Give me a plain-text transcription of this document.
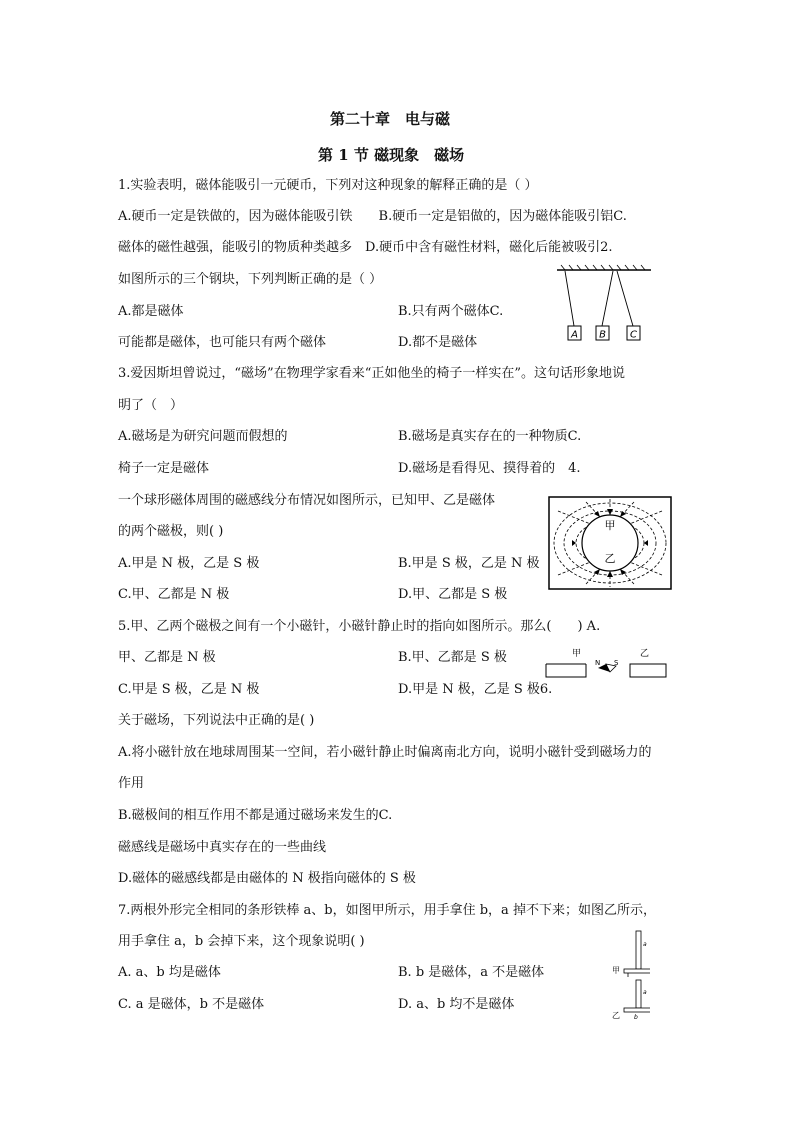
第二十章　电与磁
第 1 节 磁现象　磁场
1.实验表明，磁体能吸引一元硬币，下列对这种现象的解释正确的是（ ）
A.硬币一定是铁做的，因为磁体能吸引铁　　B.硬币一定是铝做的，因为磁体能吸引铝C.
磁体的磁性越强，能吸引的物质种类越多　D.硬币中含有磁性材料，磁化后能被吸引2.
如图所示的三个钢块，下列判断正确的是（ ）
A.都是磁体	B.只有两个磁体C.
可能都是磁体，也可能只有两个磁体	D.都不是磁体
3.爱因斯坦曾说过，“磁场”在物理学家看来“正如他坐的椅子一样实在”。这句话形象地说
明了（　）
A.磁场是为研究问题而假想的	B.磁场是真实存在的一种物质C.
椅子一定是磁体	D.磁场是看得见、摸得着的　4.
一个球形磁体周围的磁感线分布情况如图所示，已知甲、乙是磁体
的两个磁极，则( )
A.甲是 N 极，乙是 S 极	B.甲是 S 极，乙是 N 极
C.甲、乙都是 N 极	D.甲、乙都是 S 极
5.甲、乙两个磁极之间有一个小磁针，小磁针静止时的指向如图所示。那么(　　) A.
甲、乙都是 N 极	B.甲、乙都是 S 极
C.甲是 S 极，乙是 N 极	D.甲是 N 极，乙是 S 极6.
关于磁场，下列说法中正确的是( )
A.将小磁针放在地球周围某一空间，若小磁针静止时偏离南北方向，说明小磁针受到磁场力的
作用
B.磁极间的相互作用不都是通过磁场来发生的C.
磁感线是磁场中真实存在的一些曲线
D.磁体的磁感线都是由磁体的 N 极指向磁体的 S 极
7.两根外形完全相同的条形铁棒 a、b，如图甲所示，用手拿住 b，a 掉不下来；如图乙所示，
用手拿住 a，b 会掉下来，这个现象说明( )
A. a、b 均是磁体	B. b 是磁体，a 不是磁体
C. a 是磁体，b 不是磁体	D. a、b 均不是磁体
A B C
甲
乙
甲	乙
N S
甲
a
乙
a
b
